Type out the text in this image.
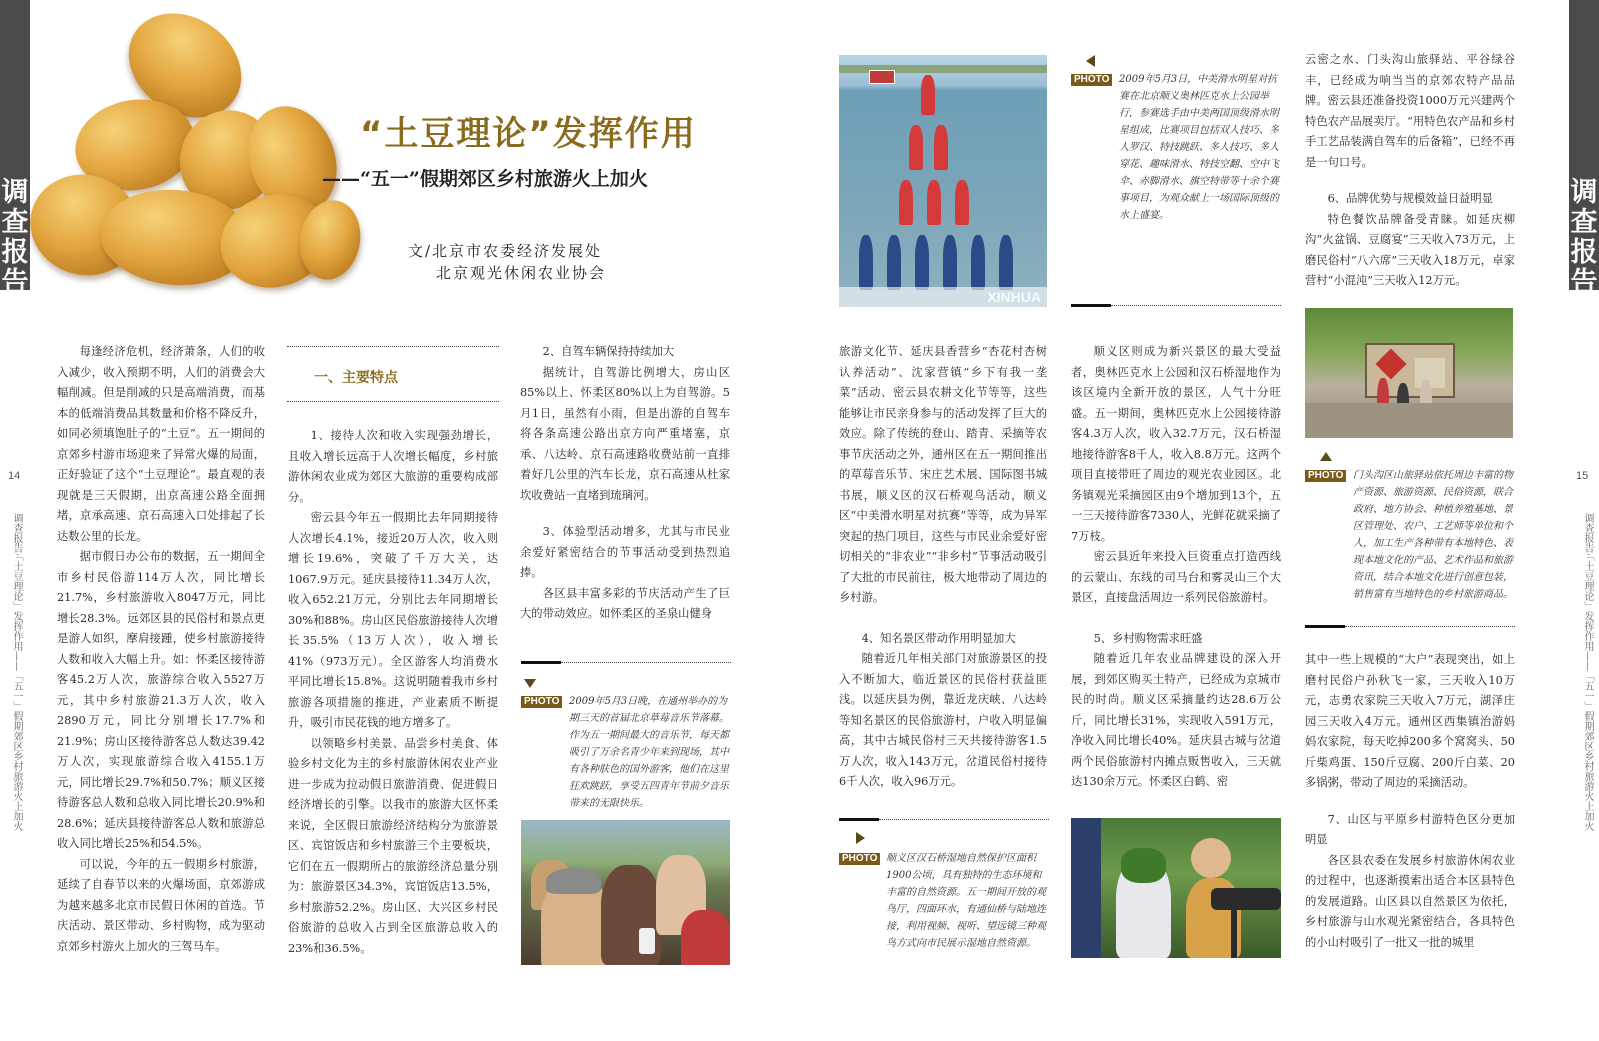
调查报告
14
调查报告·「土豆理论」发挥作用——「五一」假期郊区乡村旅游火上加火
“土豆理论”发挥作用
——“五一”假期郊区乡村旅游火上加火
文/北京市农委经济发展处
北京观光休闲农业协会

每逢经济危机，经济萧条，人们的收入减少，收入预期不明，人们的消费会大幅削减。但是削减的只是高端消费，而基本的低端消费品其数量和价格不降反升，如同必须填饱肚子的“土豆”。五一期间的京郊乡村游市场迎来了异常火爆的局面，正好验证了这个“土豆理论”。最直观的表现就是三天假期，出京高速公路全面拥堵，京承高速、京石高速入口处排起了长达数公里的长龙。

据市假日办公布的数据，五一期间全市乡村民俗游114万人次，同比增长21.7%，乡村旅游收入8047万元，同比增长28.3%。远郊区县的民俗村和景点更是游人如织，摩肩接踵，使乡村旅游接待人数和收入大幅上升。如：怀柔区接待游客45.2万人次，旅游综合收入5527万元，其中乡村旅游21.3万人次，收入2890万元，同比分别增长17.7%和21.9%；房山区接待游客总人数达39.42万人次，实现旅游综合收入4155.1万元，同比增长29.7%和50.7%；顺义区接待游客总人数和总收入同比增长20.9%和28.6%；延庆县接待游客总人数和旅游总收入同比增长25%和54.5%。

可以说，今年的五一假期乡村旅游，延续了自春节以来的火爆场面，京郊游成为越来越多北京市民假日休闲的首选。节庆活动、景区带动、乡村购物，成为驱动京郊乡村游火上加火的三驾马车。

一、主要特点

1、接待人次和收入实现强劲增长，且收入增长远高于人次增长幅度，乡村旅游休闲农业成为郊区大旅游的重要构成部分。

密云县今年五一假期比去年同期接待人次增长4.1%，接近20万人次，收入则增长19.6%，突破了千万大关，达1067.9万元。延庆县接待11.34万人次，收入652.21万元，分别比去年同期增长30%和88%。房山区民俗旅游接待人次增长35.5%（13万人次），收入增长41%（973万元）。全区游客人均消费水平同比增长15.8%。这说明随着我市乡村旅游各项措施的推进，产业素质不断提升，吸引市民花钱的地方增多了。

以领略乡村美景、品尝乡村美食、体验乡村文化为主的乡村旅游休闲农业产业进一步成为拉动假日旅游消费、促进假日经济增长的引擎。以我市的旅游大区怀柔来说，全区假日旅游经济结构分为旅游景区、宾馆饭店和乡村旅游三个主要板块，它们在五一假期所占的旅游经济总量分别为：旅游景区34.3%，宾馆饭店13.5%，乡村旅游52.2%。房山区、大兴区乡村民俗旅游的总收入占到全区旅游总收入的23%和36.5%。

2、自驾车辆保持持续加大

据统计，自驾游比例增大，房山区85%以上、怀柔区80%以上为自驾游。5月1日，虽然有小雨，但是出游的自驾车将各条高速公路出京方向严重堵塞，京承、八达岭、京石高速路收费站前一直排着好几公里的汽车长龙，京石高速从杜家坎收费站一直堵到琉璃河。

3、体验型活动增多，尤其与市民业余爱好紧密结合的节事活动受到热烈追捧。

各区县丰富多彩的节庆活动产生了巨大的带动效应。如怀柔区的圣泉山健身

PHOTO 2009年5月3日晚，在通州举办的为期三天的首届北京草莓音乐节落幕。作为五一期间最大的音乐节，每天都吸引了万余名青少年来到现场，其中有各种肤色的国外游客，他们在这里狂欢跳跃，享受五四青年节前夕音乐带来的无限快乐。
XINHUA
PHOTO 2009年5月3日，中美滑水明星对抗赛在北京顺义奥林匹克水上公园举行，参赛选手由中美两国顶级滑水明星组成，比赛项目包括双人技巧、多人罗汉、特技跳跃、多人技巧、多人穿花、趣味滑水、特技空翻、空中飞伞、赤脚滑水、旗空特带等十余个赛事项目，为观众献上一场国际顶级的水上盛宴。
调查报告
15
调查报告·「土豆理论」发挥作用——「五一」假期郊区乡村旅游火上加火
旅游文化节、延庆县香营乡“杏花村杏树认养活动”、沈家营镇“乡下有我一垄菜”活动、密云县农耕文化节等等，这些能够让市民亲身参与的活动发挥了巨大的效应。除了传统的登山、踏青、采摘等农事节庆活动之外，通州区在五一期间推出的草莓音乐节、宋庄艺术展、国际图书城书展，顺义区的汉石桥观鸟活动，顺义区“中美滑水明星对抗赛”等等，成为异军突起的热门项目，这些与市民业余爱好密切相关的“非农业”“非乡村”节事活动吸引了大批的市民前往，极大地带动了周边的乡村游。

4、知名景区带动作用明显加大

随着近几年相关部门对旅游景区的投入不断加大，临近景区的民俗村获益匪浅。以延庆县为例，靠近龙庆峡、八达岭等知名景区的民俗旅游村，户收入明显偏高，其中古城民俗村三天共接待游客1.5万人次，收入143万元，岔道民俗村接待6千人次，收入96万元。

PHOTO 顺义区汉石桥湿地自然保护区面积1900公顷，具有独特的生态环境和丰富的自然资源。五一期间开放的观鸟厅，四面环水，有通仙桥与陆地连接，利用视频、视听、望远镜三种观鸟方式向市民展示湿地自然资源。

顺义区则成为新兴景区的最大受益者，奥林匹克水上公园和汉石桥湿地作为该区境内全新开放的景区，人气十分旺盛。五一期间，奥林匹克水上公园接待游客4.3万人次，收入32.7万元，汉石桥湿地接待游客8千人，收入8.8万元。这两个项目直接带旺了周边的观光农业园区。北务镇观光采摘园区由9个增加到13个，五一三天接待游客7330人，光鲜花就采摘了7万枝。

密云县近年来投入巨资重点打造西线的云蒙山、东线的司马台和雾灵山三个大景区，直接盘活周边一系列民俗旅游村。

5、乡村购物需求旺盛

随着近几年农业品牌建设的深入开展，到郊区购买土特产，已经成为京城市民的时尚。顺义区采摘量约达28.6万公斤，同比增长31%，实现收入591万元，净收入同比增长40%。延庆县古城与岔道两个民俗旅游村内摊点贩售收入，三天就达130余万元。怀柔区白鹤、密

PHOTO 门头沟区山旅驿站依托周边丰富的物产资源、旅游资源、民俗资源，联合政府、地方协会、种植养殖基地、景区管理处、农户、工艺师等单位和个人，加工生产各种带有本地特色、表现本地文化的产品、艺术作品和旅游资讯，结合本地文化进行创意包装，销售富有当地特色的乡村旅游商品。
云密之水、门头沟山旅驿站、平谷绿谷丰，已经成为响当当的京郊农特产品品牌。密云县还准备投资1000万元兴建两个特色农产品展卖厅。“用特色农产品和乡村手工艺品装满自驾车的后备箱”，已经不再是一句口号。

6、品牌优势与规模效益日益明显

特色餐饮品牌备受青睐。如延庆柳沟“火盆锅、豆腐宴”三天收入73万元，上磨民俗村“八六席”三天收入18万元，卓家营村“小混沌”三天收入12万元。

其中一些上规模的“大户”表现突出，如上磨村民俗户孙秋飞一家，三天收入10万元，志勇农家院三天收入7万元，湖泽庄园三天收入4万元。通州区西集镇治游妈妈农家院，每天吃掉200多个窝窝头、50斤柴鸡蛋、150斤豆腐、200斤白菜、20多锅粥，带动了周边的采摘活动。

7、山区与平原乡村游特色区分更加明显

各区县农委在发展乡村旅游休闲农业的过程中，也逐渐摸索出适合本区县特色的发展道路。山区县以自然景区为依托，乡村旅游与山水观光紧密结合，各具特色的小山村吸引了一批又一批的城里
